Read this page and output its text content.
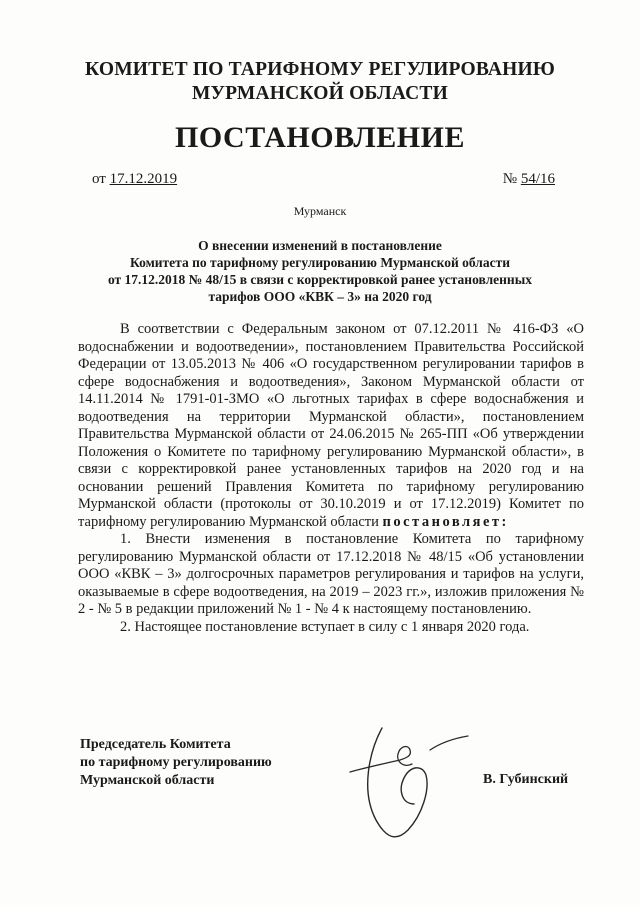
КОМИТЕТ ПО ТАРИФНОМУ РЕГУЛИРОВАНИЮ
МУРМАНСКОЙ ОБЛАСТИ
ПОСТАНОВЛЕНИЕ
от 17.12.2019	№ 54/16
Мурманск
О внесении изменений в постановление
Комитета по тарифному регулированию Мурманской области
от 17.12.2018 № 48/15 в связи с корректировкой ранее установленных
тарифов ООО «КВК – 3» на 2020 год

В соответствии с Федеральным законом от 07.12.2011 № 416-ФЗ «О водоснабжении и водоотведении», постановлением Правительства Российской Федерации от 13.05.2013 № 406 «О государственном регулировании тарифов в сфере водоснабжения и водоотведения», Законом Мурманской области от 14.11.2014 № 1791-01-ЗМО «О льготных тарифах в сфере водоснабжения и водоотведения на территории Мурманской области», постановлением Правительства Мурманской области от 24.06.2015 № 265-ПП «Об утверждении Положения о Комитете по тарифному регулированию Мурманской области», в связи с корректировкой ранее установленных тарифов на 2020 год и на основании решений Правления Комитета по тарифному регулированию Мурманской области (протоколы от 30.10.2019 и от 17.12.2019) Комитет по тарифному регулированию Мурманской области постановляет:

1. Внести изменения в постановление Комитета по тарифному регулированию Мурманской области от 17.12.2018 № 48/15 «Об установлении ООО «КВК – 3» долгосрочных параметров регулирования и тарифов на услуги, оказываемые в сфере водоотведения, на 2019 – 2023 гг.», изложив приложения № 2 - № 5 в редакции приложений № 1 - № 4 к настоящему постановлению.

2. Настоящее постановление вступает в силу с 1 января 2020 года.

Председатель Комитета
по тарифному регулированию
Мурманской области	В. Губинский
